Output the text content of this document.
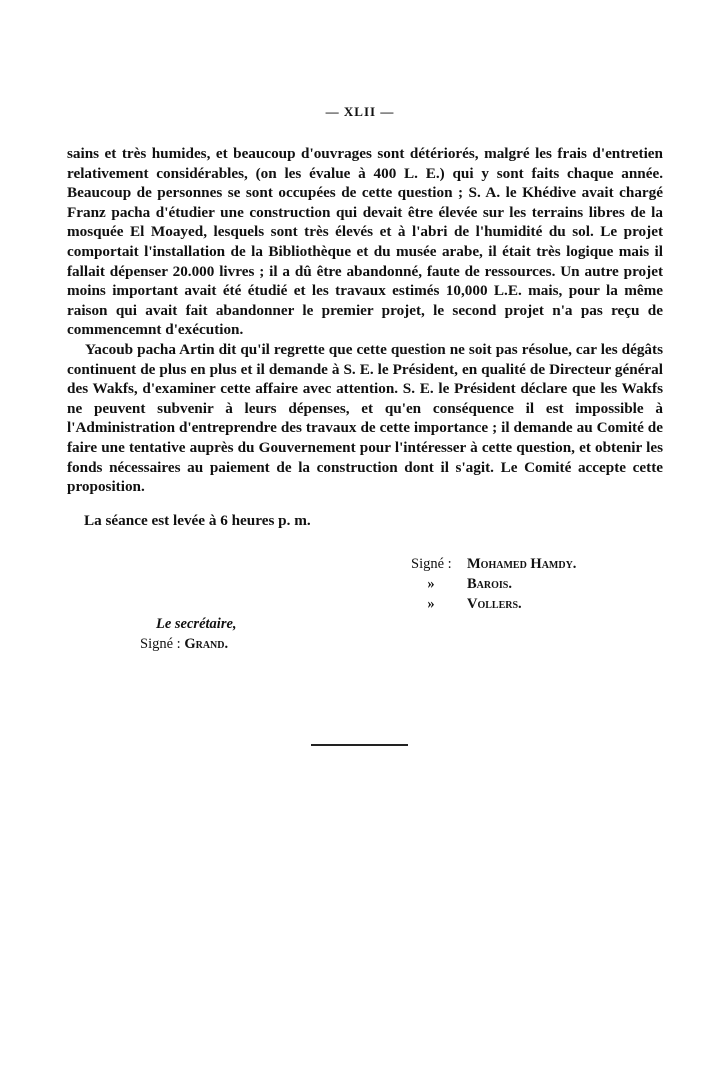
— XLII —

sains et très humides, et beaucoup d'ouvrages sont détériorés, malgré les frais d'entretien relativement considérables, (on les évalue à 400 L. E.) qui y sont faits chaque année. Beaucoup de personnes se sont occupées de cette question ; S. A. le Khédive avait chargé Franz pacha d'étudier une construction qui devait être élevée sur les terrains libres de la mosquée El Moayed, lesquels sont très élevés et à l'abri de l'humidité du sol. Le projet comportait l'installation de la Bibliothèque et du musée arabe, il était très logique mais il fallait dépenser 20.000 livres ; il a dû être abandonné, faute de ressources. Un autre projet moins important avait été étudié et les travaux estimés 10,000 L.E. mais, pour la même raison qui avait fait abandonner le premier projet, le second projet n'a pas reçu de commencemnt d'exécution.

Yacoub pacha Artin dit qu'il regrette que cette question ne soit pas résolue, car les dégâts continuent de plus en plus et il demande à S. E. le Président, en qualité de Directeur général des Wakfs, d'examiner cette affaire avec attention. S. E. le Président déclare que les Wakfs ne peuvent subvenir à leurs dépenses, et qu'en conséquence il est impossible à l'Administration d'entreprendre des travaux de cette importance ; il demande au Comité de faire une tentative auprès du Gouvernement pour l'intéresser à cette question, et obtenir les fonds nécessaires au paiement de la construction dont il s'agit. Le Comité accepte cette proposition.

La séance est levée à 6 heures p. m.
Signé :	Mohamed Hamdy.
»	Barois.
»	Vollers.
Le secrétaire,
Signé : Grand.
